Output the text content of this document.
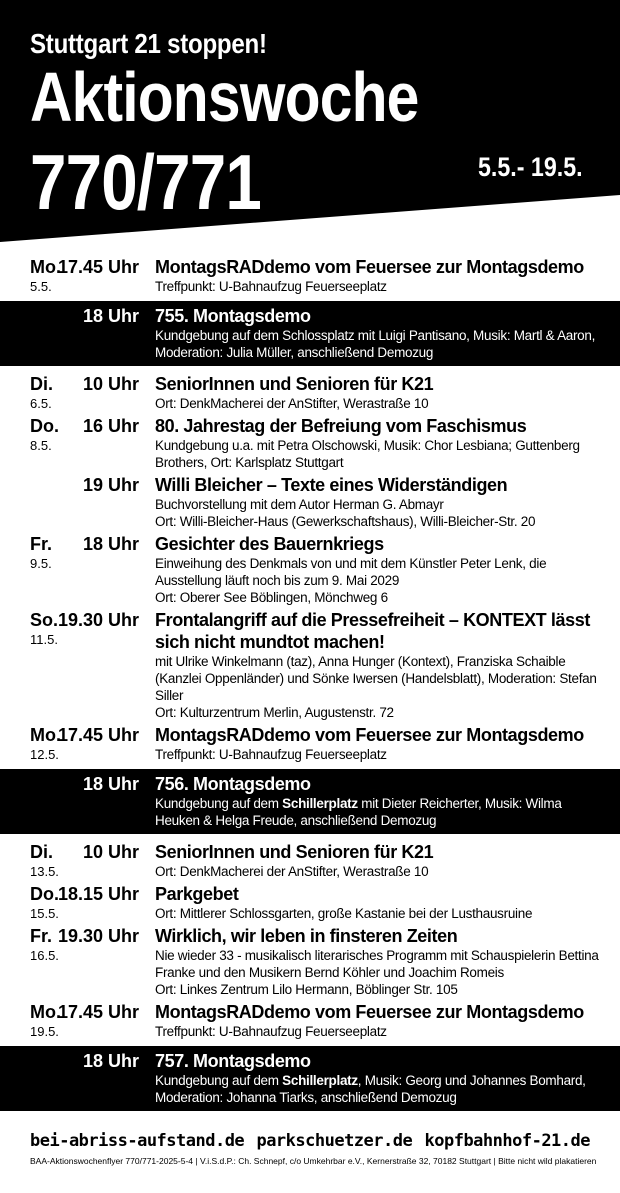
Stuttgart 21 stoppen!
Aktionswoche
770/771	5.5.- 19.5.
Mo.
17.45 Uhr
5.5.
MontagsRADdemo vom Feuersee zur Montagsdemo
Treffpunkt: U-Bahnaufzug Feuerseeplatz
18 Uhr 755. Montagsdemo
Kundgebung auf dem Schlossplatz mit Luigi Pantisano, Musik: Martl & Aaron, Moderation: Julia Müller, anschließend Demozug
Di. 10 Uhr
6.5.
SeniorInnen und Senioren für K21
Ort: DenkMacherei der AnStifter, Werastraße 10
Do. 16 Uhr
8.5.
80. Jahrestag der Befreiung vom Faschismus
Kundgebung u.a. mit Petra Olschowski, Musik: Chor Lesbiana; Guttenberg Brothers, Ort: Karlsplatz Stuttgart
19 Uhr Willi Bleicher – Texte eines Widerständigen
Buchvorstellung mit dem Autor Herman G. Abmayr
Ort: Willi-Bleicher-Haus (Gewerkschaftshaus), Willi-Bleicher-Str. 20
Fr. 18 Uhr
9.5.
Gesichter des Bauernkriegs
Einweihung des Denkmals von und mit dem Künstler Peter Lenk, die Ausstellung läuft noch bis zum 9. Mai 2029
Ort: Oberer See Böblingen, Mönchweg 6
So. 19.30 Uhr
11.5.
Frontalangriff auf die Pressefreiheit – KONTEXT lässt sich nicht mundtot machen!
mit Ulrike Winkelmann (taz), Anna Hunger (Kontext), Franziska Schaible (Kanzlei Oppenländer) und Sönke Iwersen (Handelsblatt), Moderation: Stefan Siller
Ort: Kulturzentrum Merlin, Augustenstr. 72
Mo.
17.45 Uhr
12.5.
MontagsRADdemo vom Feuersee zur Montagsdemo
Treffpunkt: U-Bahnaufzug Feuerseeplatz
18 Uhr 756. Montagsdemo
Kundgebung auf dem Schillerplatz mit Dieter Reicherter, Musik: Wilma Heuken & Helga Freude, anschließend Demozug
Di. 10 Uhr
13.5.
SeniorInnen und Senioren für K21
Ort: DenkMacherei der AnStifter, Werastraße 10
Do.
18.15 Uhr
15.5.
Parkgebet
Ort: Mittlerer Schlossgarten, große Kastanie bei der Lusthausruine
Fr. 19.30 Uhr
16.5.
Wirklich, wir leben in finsteren Zeiten
Nie wieder 33 - musikalisch literarisches Programm mit Schauspielerin Bettina Franke und den Musikern Bernd Köhler und Joachim Romeis
Ort: Linkes Zentrum Lilo Hermann, Böblinger Str. 105
Mo.
17.45 Uhr
19.5.
MontagsRADdemo vom Feuersee zur Montagsdemo
Treffpunkt: U-Bahnaufzug Feuerseeplatz
18 Uhr 757. Montagsdemo
Kundgebung auf dem Schillerplatz, Musik: Georg und Johannes Bomhard, Moderation: Johanna Tiarks, anschließend Demozug
bei-abriss-aufstand.de parkschuetzer.de kopfbahnhof-21.de
BAA-Aktionswochenflyer 770/771-2025-5-4 | V.i.S.d.P.: Ch. Schnepf, c/o Umkehrbar e.V., Kernerstraße 32, 70182 Stuttgart | Bitte nicht wild plakatieren
